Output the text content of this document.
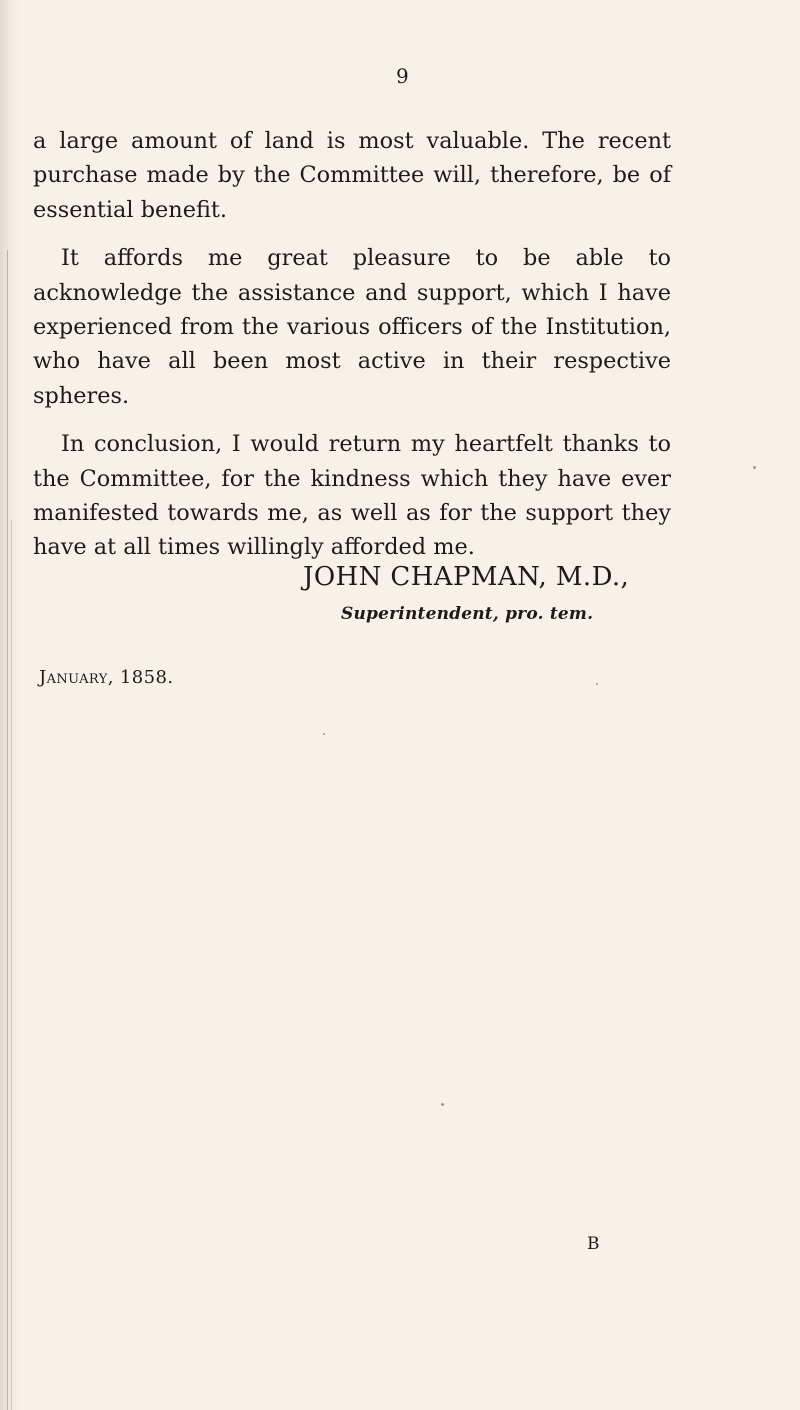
9

a large amount of land is most valuable. The recent purchase made by the Committee will, therefore, be of essential benefit.

It affords me great pleasure to be able to acknowledge the assistance and support, which I have experienced from the various officers of the Institution, who have all been most active in their respective spheres.

In conclusion, I would return my heartfelt thanks to the Committee, for the kindness which they have ever manifested towards me, as well as for the support they have at all times willingly afforded me.

JOHN CHAPMAN, M.D.,
Superintendent, pro. tem.
January, 1858.
B
